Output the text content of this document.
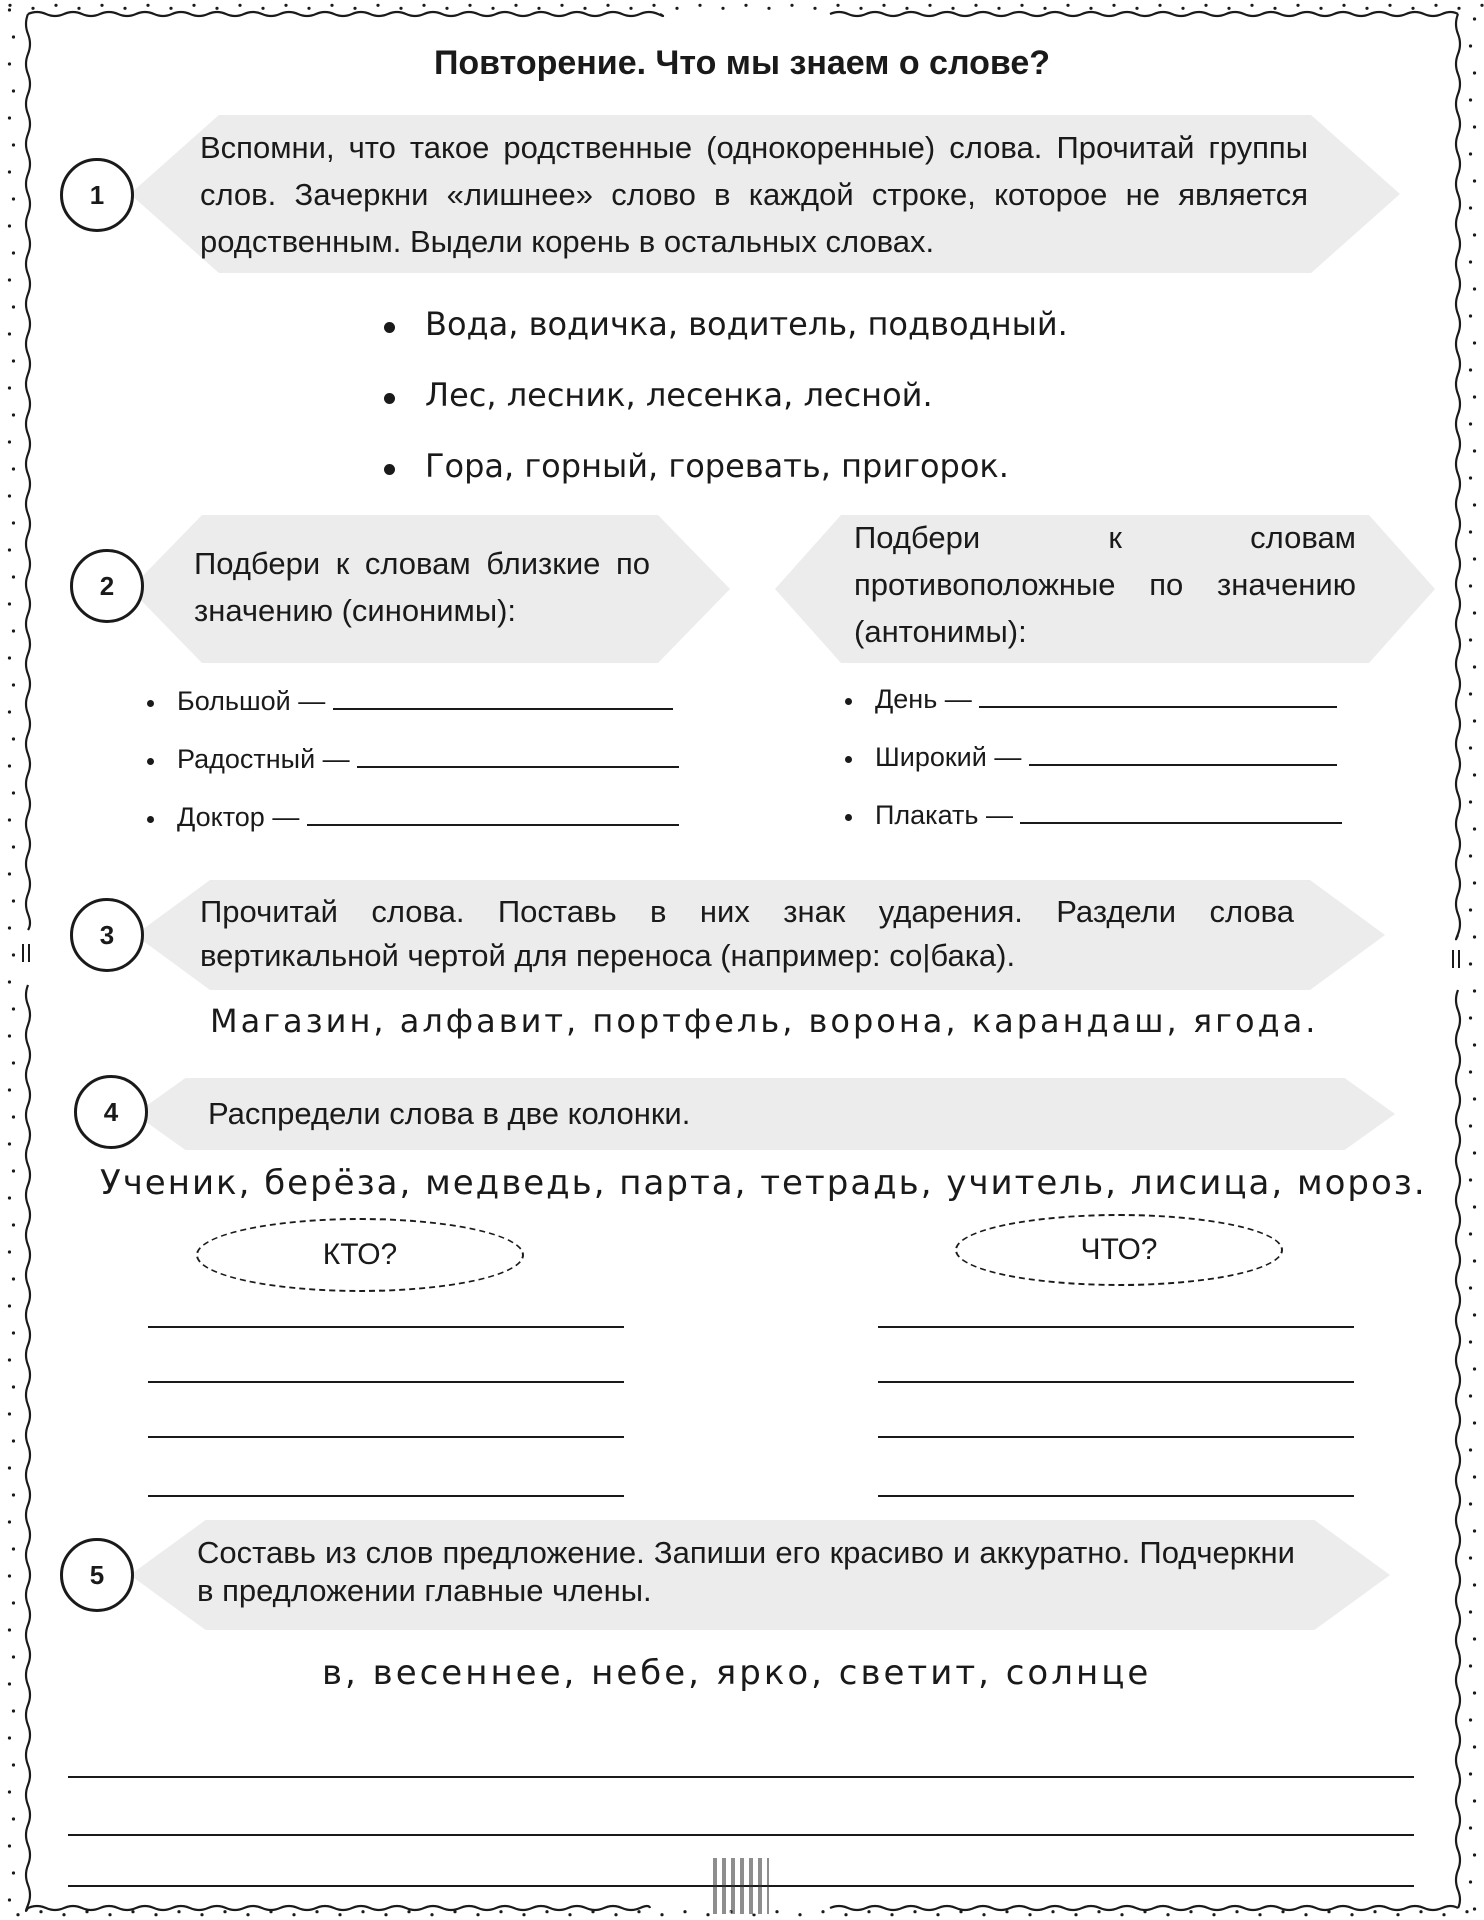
Повторение. Что мы знаем о слове?
1
Вспомни, что такое родственные (однокоренные) слова. Прочитай группы слов. Зачеркни «лишнее» слово в каждой строке, которое не является родственным. Выдели корень в остальных словах.
Вода, водичка, водитель, подводный.
Лес, лесник, лесенка, лесной.
Гора, горный, горевать, пригорок.
2
Подбери к словам близкие по значению (синонимы):
Подбери к словам противоположные по значению (антонимы):
Большой —
Радостный —
Доктор —
День —
Широкий —
Плакать —
3
Прочитай слова. Поставь в них знак ударения. Раздели слова вертикальной чертой для переноса (например: со|бака).
Магазин, алфавит, портфель, ворона, карандаш, ягода.
4	Распредели слова в две колонки.
Ученик, берёза, медведь, парта, тетрадь, учитель, лисица, мороз.
КТО?	ЧТО?
5
Составь из слов предложение. Запиши его красиво и аккуратно. Подчеркни в предложении главные члены.
в, весеннее, небе, ярко, светит, солнце
